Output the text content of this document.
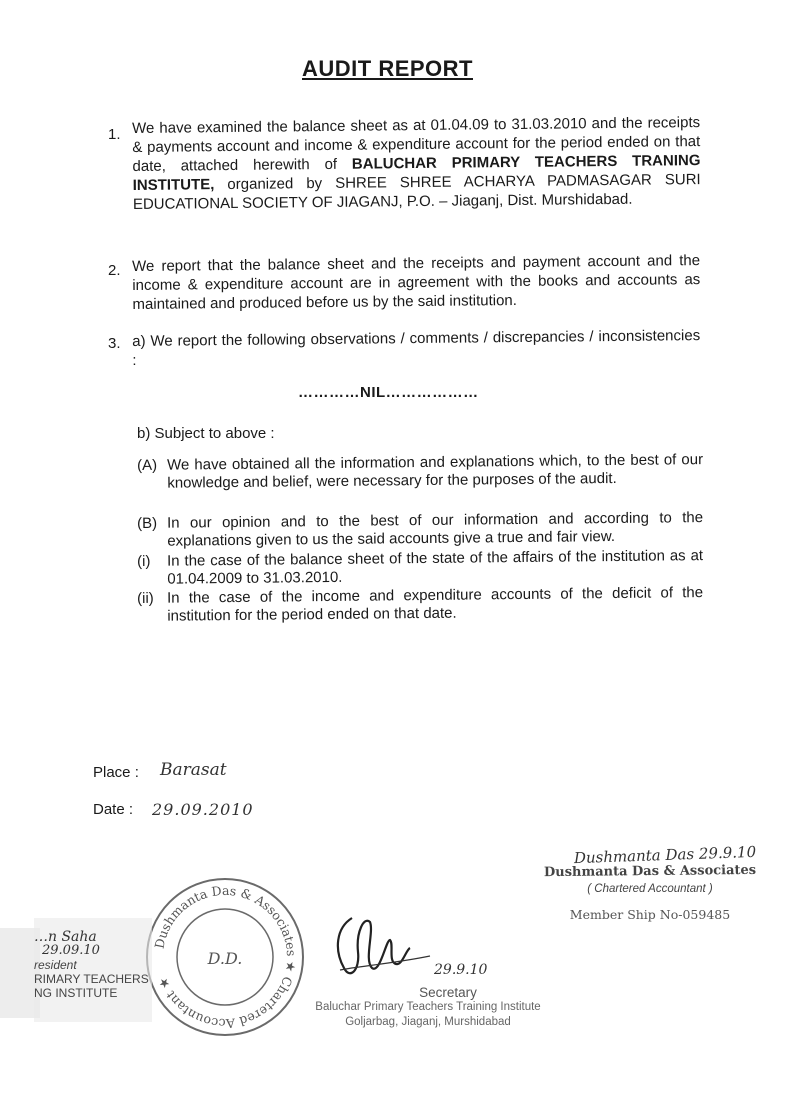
AUDIT REPORT
1. We have examined the balance sheet as at 01.04.09 to 31.03.2010 and the receipts & payments account and income & expenditure account for the period ended on that date, attached herewith of BALUCHAR PRIMARY TEACHERS TRANING INSTITUTE, organized by SHREE SHREE ACHARYA PADMASAGAR SURI EDUCATIONAL SOCIETY OF JIAGANJ, P.O. – Jiaganj, Dist. Murshidabad.
2. We report that the balance sheet and the receipts and payment account and the income & expenditure account are in agreement with the books and accounts as maintained and produced before us by the said institution.
3. a) We report the following observations / comments / discrepancies / inconsistencies :
…………NIL………………
b) Subject to above :
(A) We have obtained all the information and explanations which, to the best of our knowledge and belief, were necessary for the purposes of the audit.
(B) In our opinion and to the best of our information and according to the explanations given to us the said accounts give a true and fair view.
(i) In the case of the balance sheet of the state of the affairs of the institution as at 01.04.2009 to 31.03.2010.
(ii) In the case of the income and expenditure accounts of the deficit of the institution for the period ended on that date.
Place : Barasat
Date : 29.09.2010
Dushmanta Das 29.9.10
Dushmanta Das & Associates
( Chartered Accountant )
Member Ship No-059485
Dushmanta Das & Associates ★ Chartered Accountant ★
D.D.
29.9.10
Secretary
Baluchar Primary Teachers Training Institute
Goljarbag, Jiaganj, Murshidabad
…n Saha
29.09.10
resident
RIMARY TEACHERS
NG INSTITUTE
